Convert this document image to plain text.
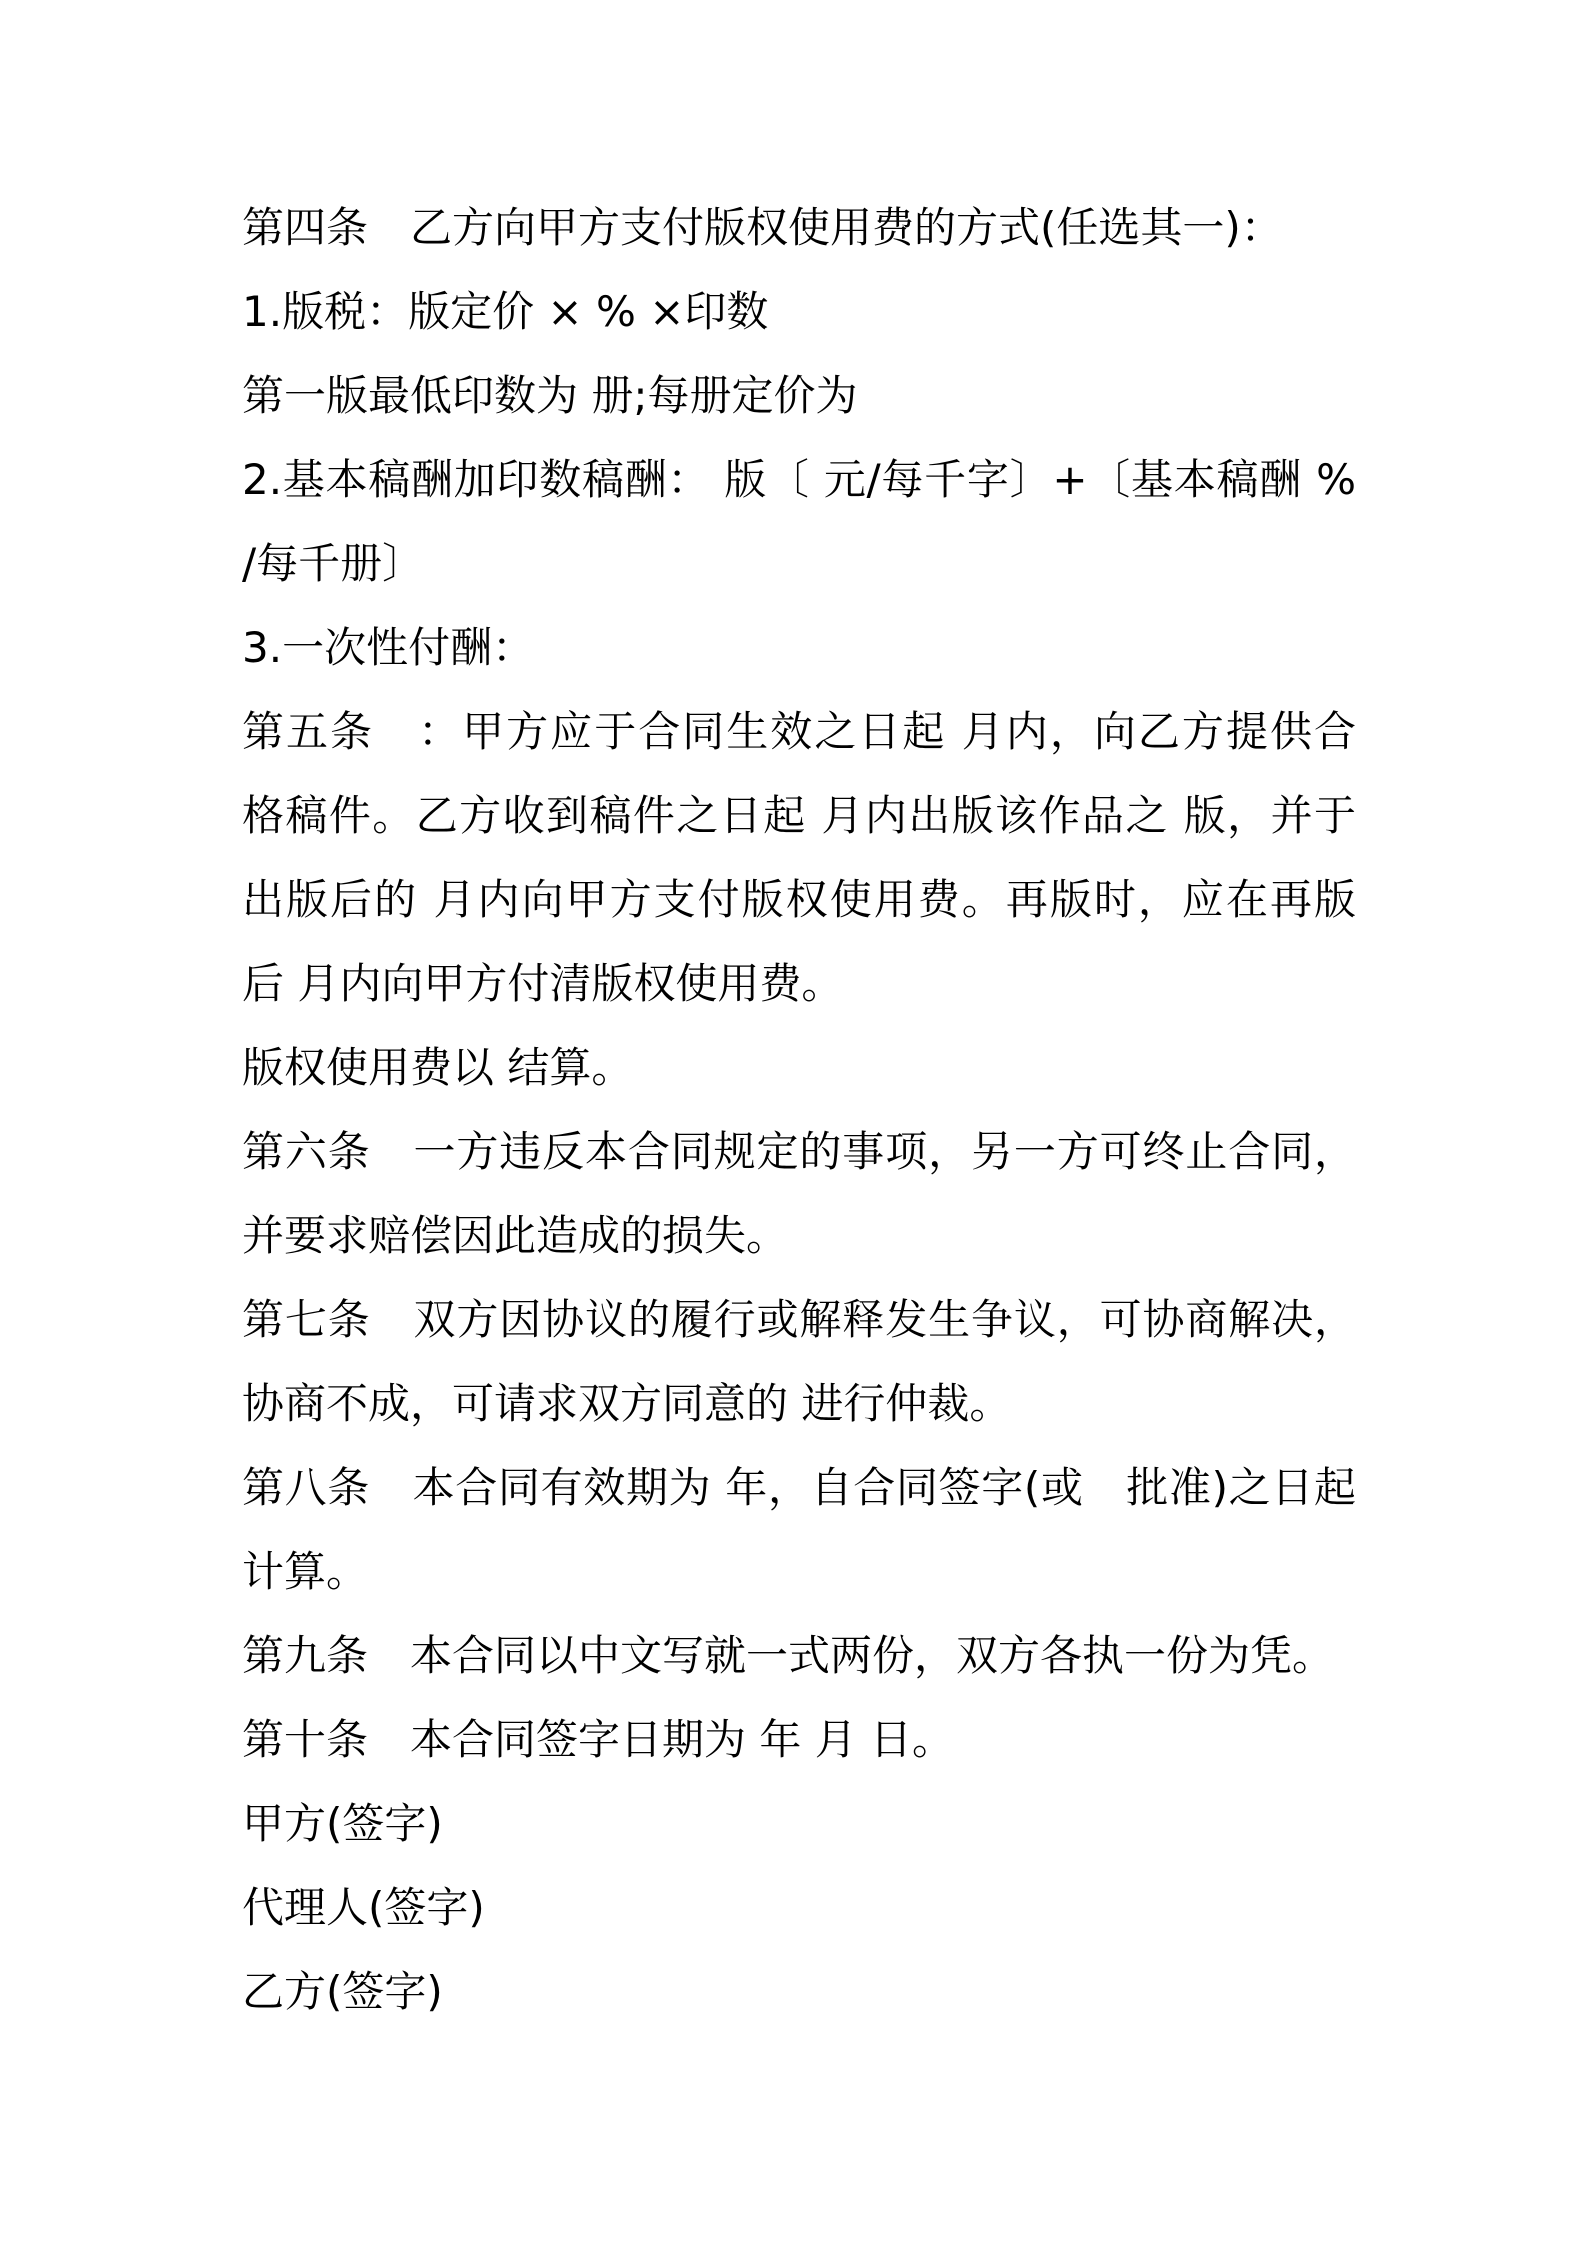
第四条　乙方向甲方支付版权使用费的方式(任选其一)：
1.版税：版定价 × % ×印数
第一版最低印数为 册;每册定价为
2.基本稿酬加印数稿酬： 版〔 元/每千字〕+〔基本稿酬 %
/每千册〕
3.一次性付酬：
第五条　：甲方应于合同生效之日起 月内，向乙方提供合
格稿件。乙方收到稿件之日起 月内出版该作品之 版，并于
出版后的 月内向甲方支付版权使用费。再版时，应在再版
后 月内向甲方付清版权使用费。
版权使用费以 结算。
第六条　一方违反本合同规定的事项，另一方可终止合同，
并要求赔偿因此造成的损失。
第七条　双方因协议的履行或解释发生争议，可协商解决，
协商不成，可请求双方同意的 进行仲裁。
第八条　本合同有效期为 年，自合同签字(或　批准)之日起
计算。
第九条　本合同以中文写就一式两份，双方各执一份为凭。
第十条　本合同签字日期为 年 月 日。
甲方(签字)
代理人(签字)
乙方(签字)
